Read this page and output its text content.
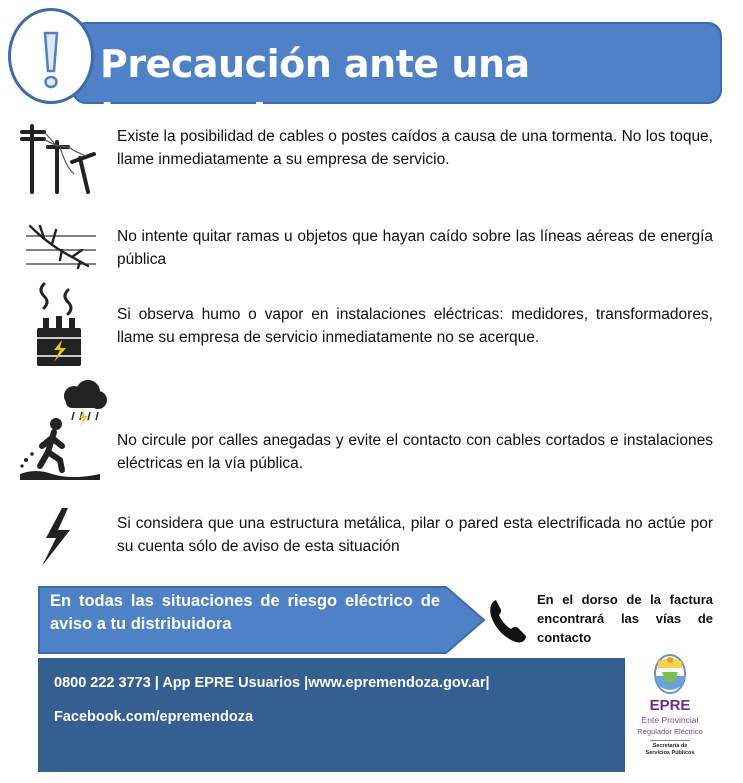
Precaución ante una tormenta
Existe la posibilidad de cables o postes caídos a causa de una tormenta. No los toque, llame inmediatamente a su empresa de servicio.
No intente quitar ramas u objetos que hayan caído sobre las líneas aéreas de energía pública
Si observa humo o vapor en instalaciones eléctricas: medidores, transformadores, llame su empresa de servicio inmediatamente no se acerque.
No circule por calles anegadas y evite el contacto con cables cortados e instalaciones eléctricas en la vía pública.
Si considera que una estructura metálica, pilar o pared esta electrificada no actúe por su cuenta sólo de aviso de esta situación
En todas las situaciones de riesgo eléctrico de aviso a tu distribuidora
En el dorso de la factura encontrará las vías de contacto
0800 222 3773 | App EPRE Usuarios |www.epremendoza.gov.ar|
Facebook.com/epremendoza
EPRE
Ente Provincial
Regulador Eléctrico
Secretaría de
Servicios Públicos
